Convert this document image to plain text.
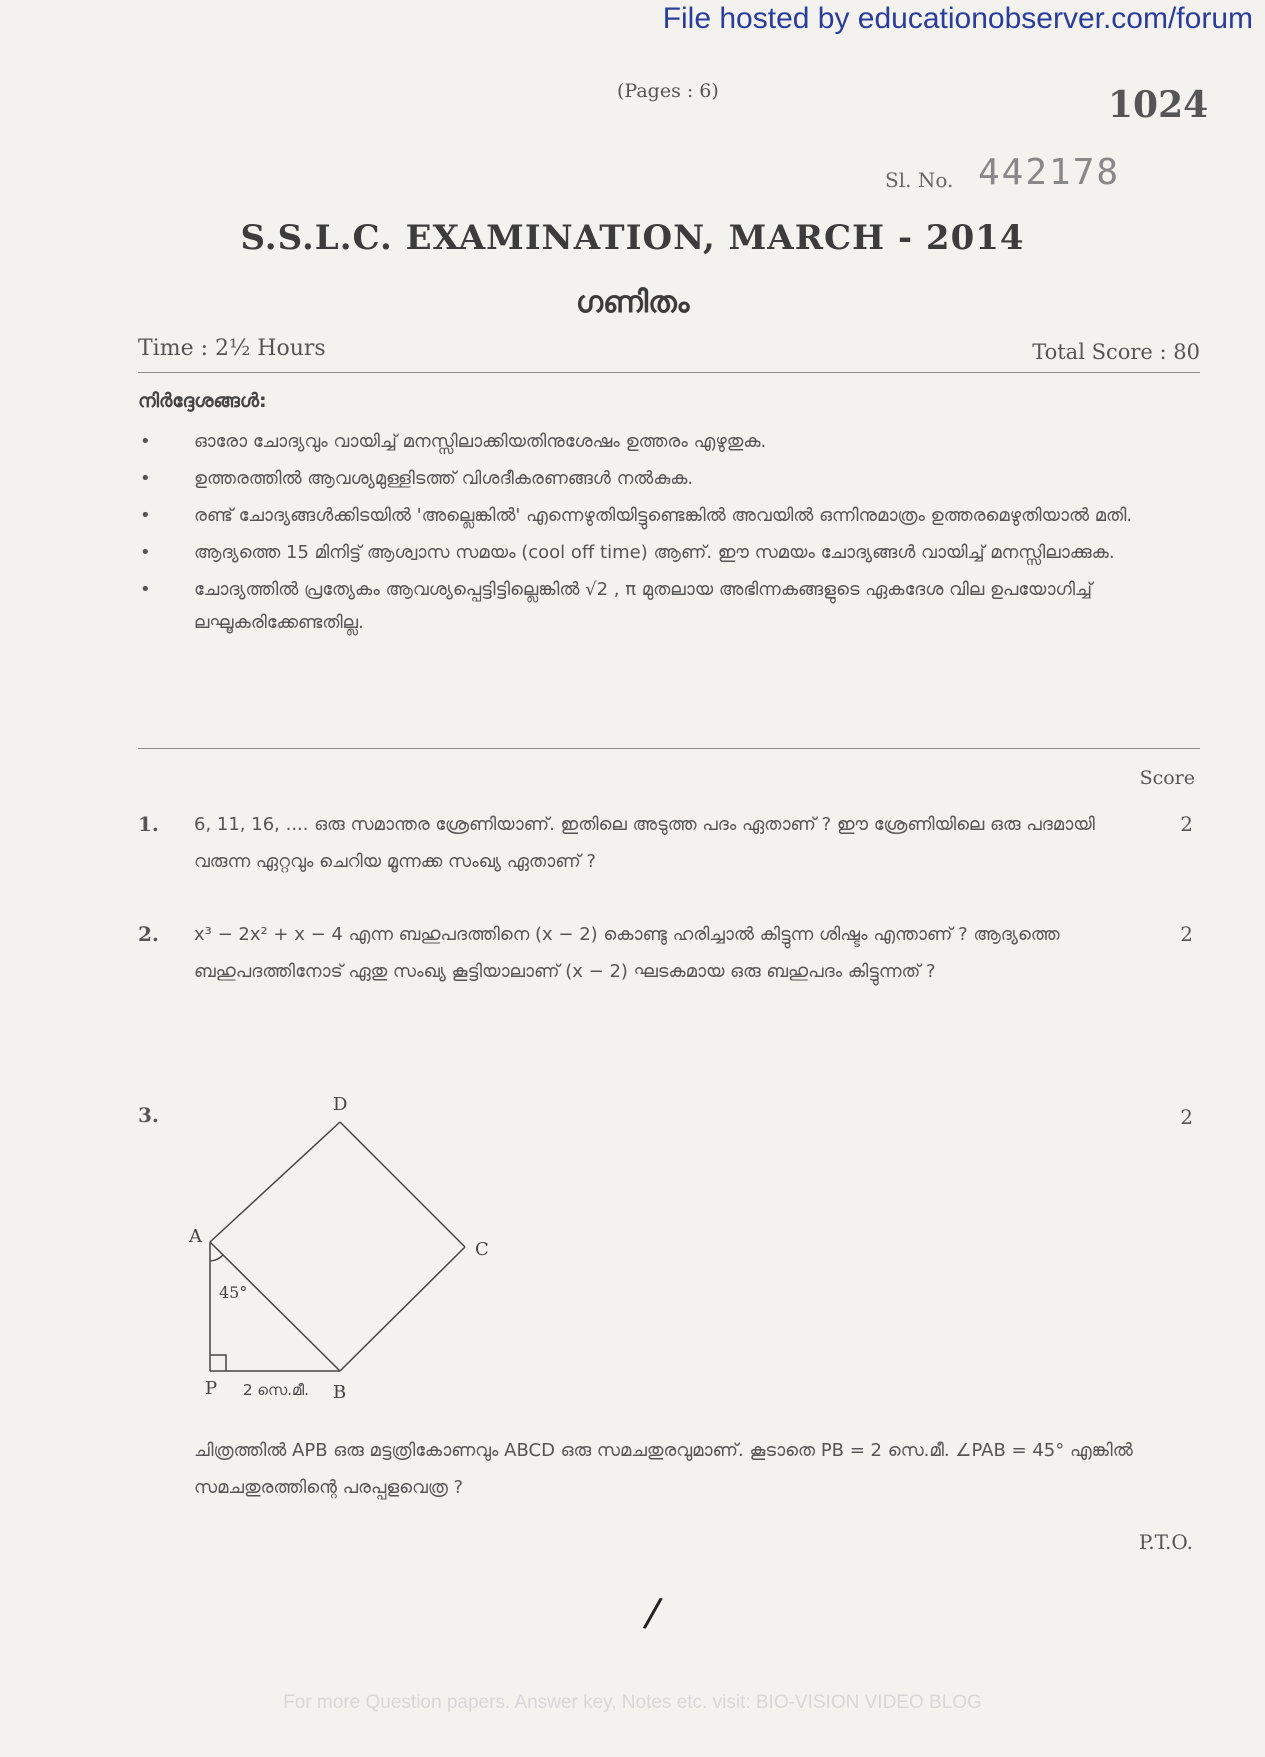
File hosted by educationobserver.com/forum
(Pages : 6)	1024
Sl. No. 442178
S.S.L.C. EXAMINATION, MARCH - 2014
ഗണിതം
Time : 2½ Hours	Total Score : 80
നിർദ്ദേശങ്ങൾ:
• ഓരോ ചോദ്യവും വായിച്ച് മനസ്സിലാക്കിയതിനുശേഷം ഉത്തരം എഴുതുക.
• ഉത്തരത്തിൽ ആവശ്യമുള്ളിടത്ത് വിശദീകരണങ്ങൾ നൽകുക.
• രണ്ട് ചോദ്യങ്ങൾക്കിടയിൽ 'അല്ലെങ്കിൽ' എന്നെഴുതിയിട്ടുണ്ടെങ്കിൽ അവയിൽ ഒന്നിനുമാത്രം ഉത്തരമെഴുതിയാൽ മതി.
• ആദ്യത്തെ 15 മിനിട്ട് ആശ്വാസ സമയം (cool off time) ആണ്. ഈ സമയം ചോദ്യങ്ങൾ വായിച്ച് മനസ്സിലാക്കുക.
• ചോദ്യത്തിൽ പ്രത്യേകം ആവശ്യപ്പെട്ടിട്ടില്ലെങ്കിൽ √2 , π മുതലായ അഭിന്നകങ്ങളുടെ ഏകദേശ വില ഉപയോഗിച്ച് ലഘൂകരിക്കേണ്ടതില്ല.
Score
1. 6, 11, 16, .... ഒരു സമാന്തര ശ്രേണിയാണ്. ഇതിലെ അടുത്ത പദം ഏതാണ് ? ഈ ശ്രേണിയിലെ ഒരു പദമായി വരുന്ന ഏറ്റവും ചെറിയ മൂന്നക്ക സംഖ്യ ഏതാണ് ?
2
2. x³ − 2x² + x − 4 എന്ന ബഹുപദത്തിനെ (x − 2) കൊണ്ടു ഹരിച്ചാൽ കിട്ടുന്ന ശിഷ്ടം എന്താണ് ? ആദ്യത്തെ ബഹുപദത്തിനോട് ഏതു സംഖ്യ കൂട്ടിയാലാണ് (x − 2) ഘടകമായ ഒരു ബഹുപദം കിട്ടുന്നത് ?
2
3.	2
D
A
C
P	B
45°
2 സെ.മീ.
ചിത്രത്തിൽ APB ഒരു മട്ടത്രികോണവും ABCD ഒരു സമചതുരവുമാണ്. കൂടാതെ PB = 2 സെ.മീ. ∠PAB = 45° എങ്കിൽ സമചതുരത്തിന്റെ പരപ്പളവെത്ര ?
P.T.O.
/
For more Question papers. Answer key, Notes etc. visit: BIO-VISION VIDEO BLOG
